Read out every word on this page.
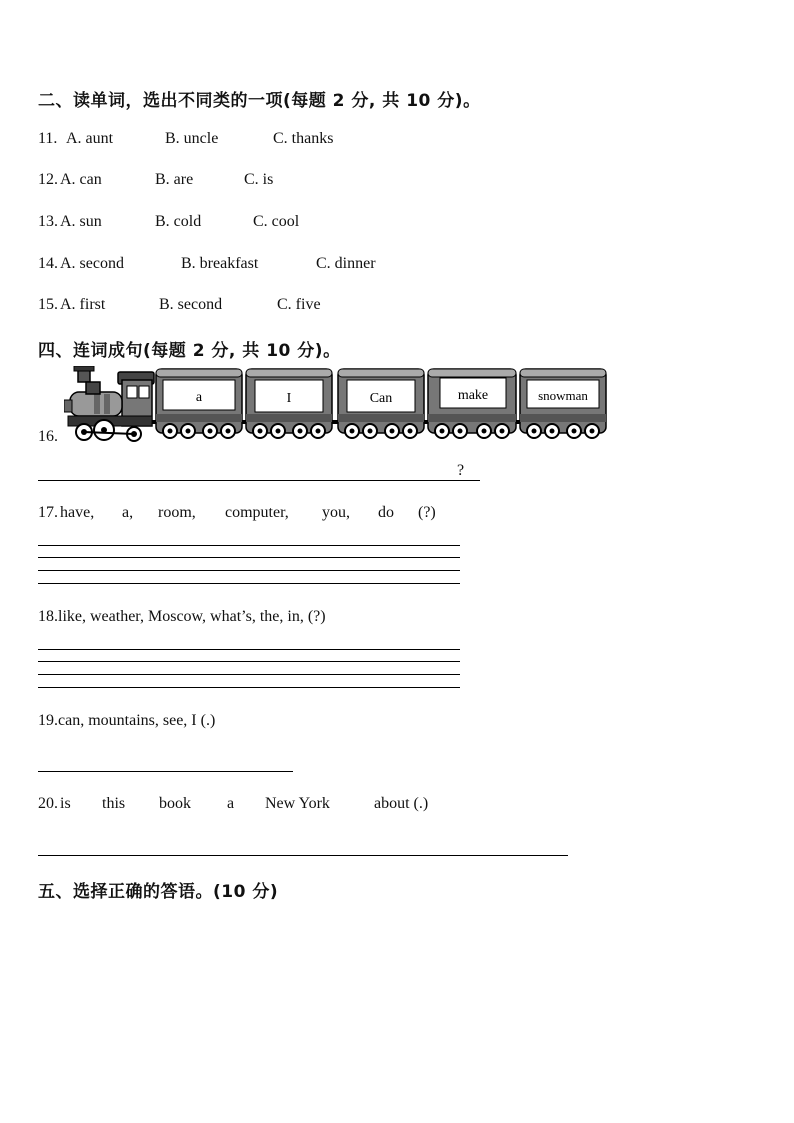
二、读单词，选出不同类的一项(每题 2 分, 共 10 分)。
11. A. aunt	B. uncle	C. thanks
12. A. can	B. are	C. is
13. A. sun	B. cold	C. cool
14. A. second	B. breakfast	C. dinner
15. A. first	B. second	C. five
四、连词成句(每题 2 分, 共 10 分)。
16.
a	I	Can	make	snowman
?
17. have, a, room, computer, you, do (?)
18.like, weather, Moscow, what’s, the, in, (?)
19.can, mountains, see, I (.)
20. is this book a New York	about (.)
五、选择正确的答语。(10 分)
